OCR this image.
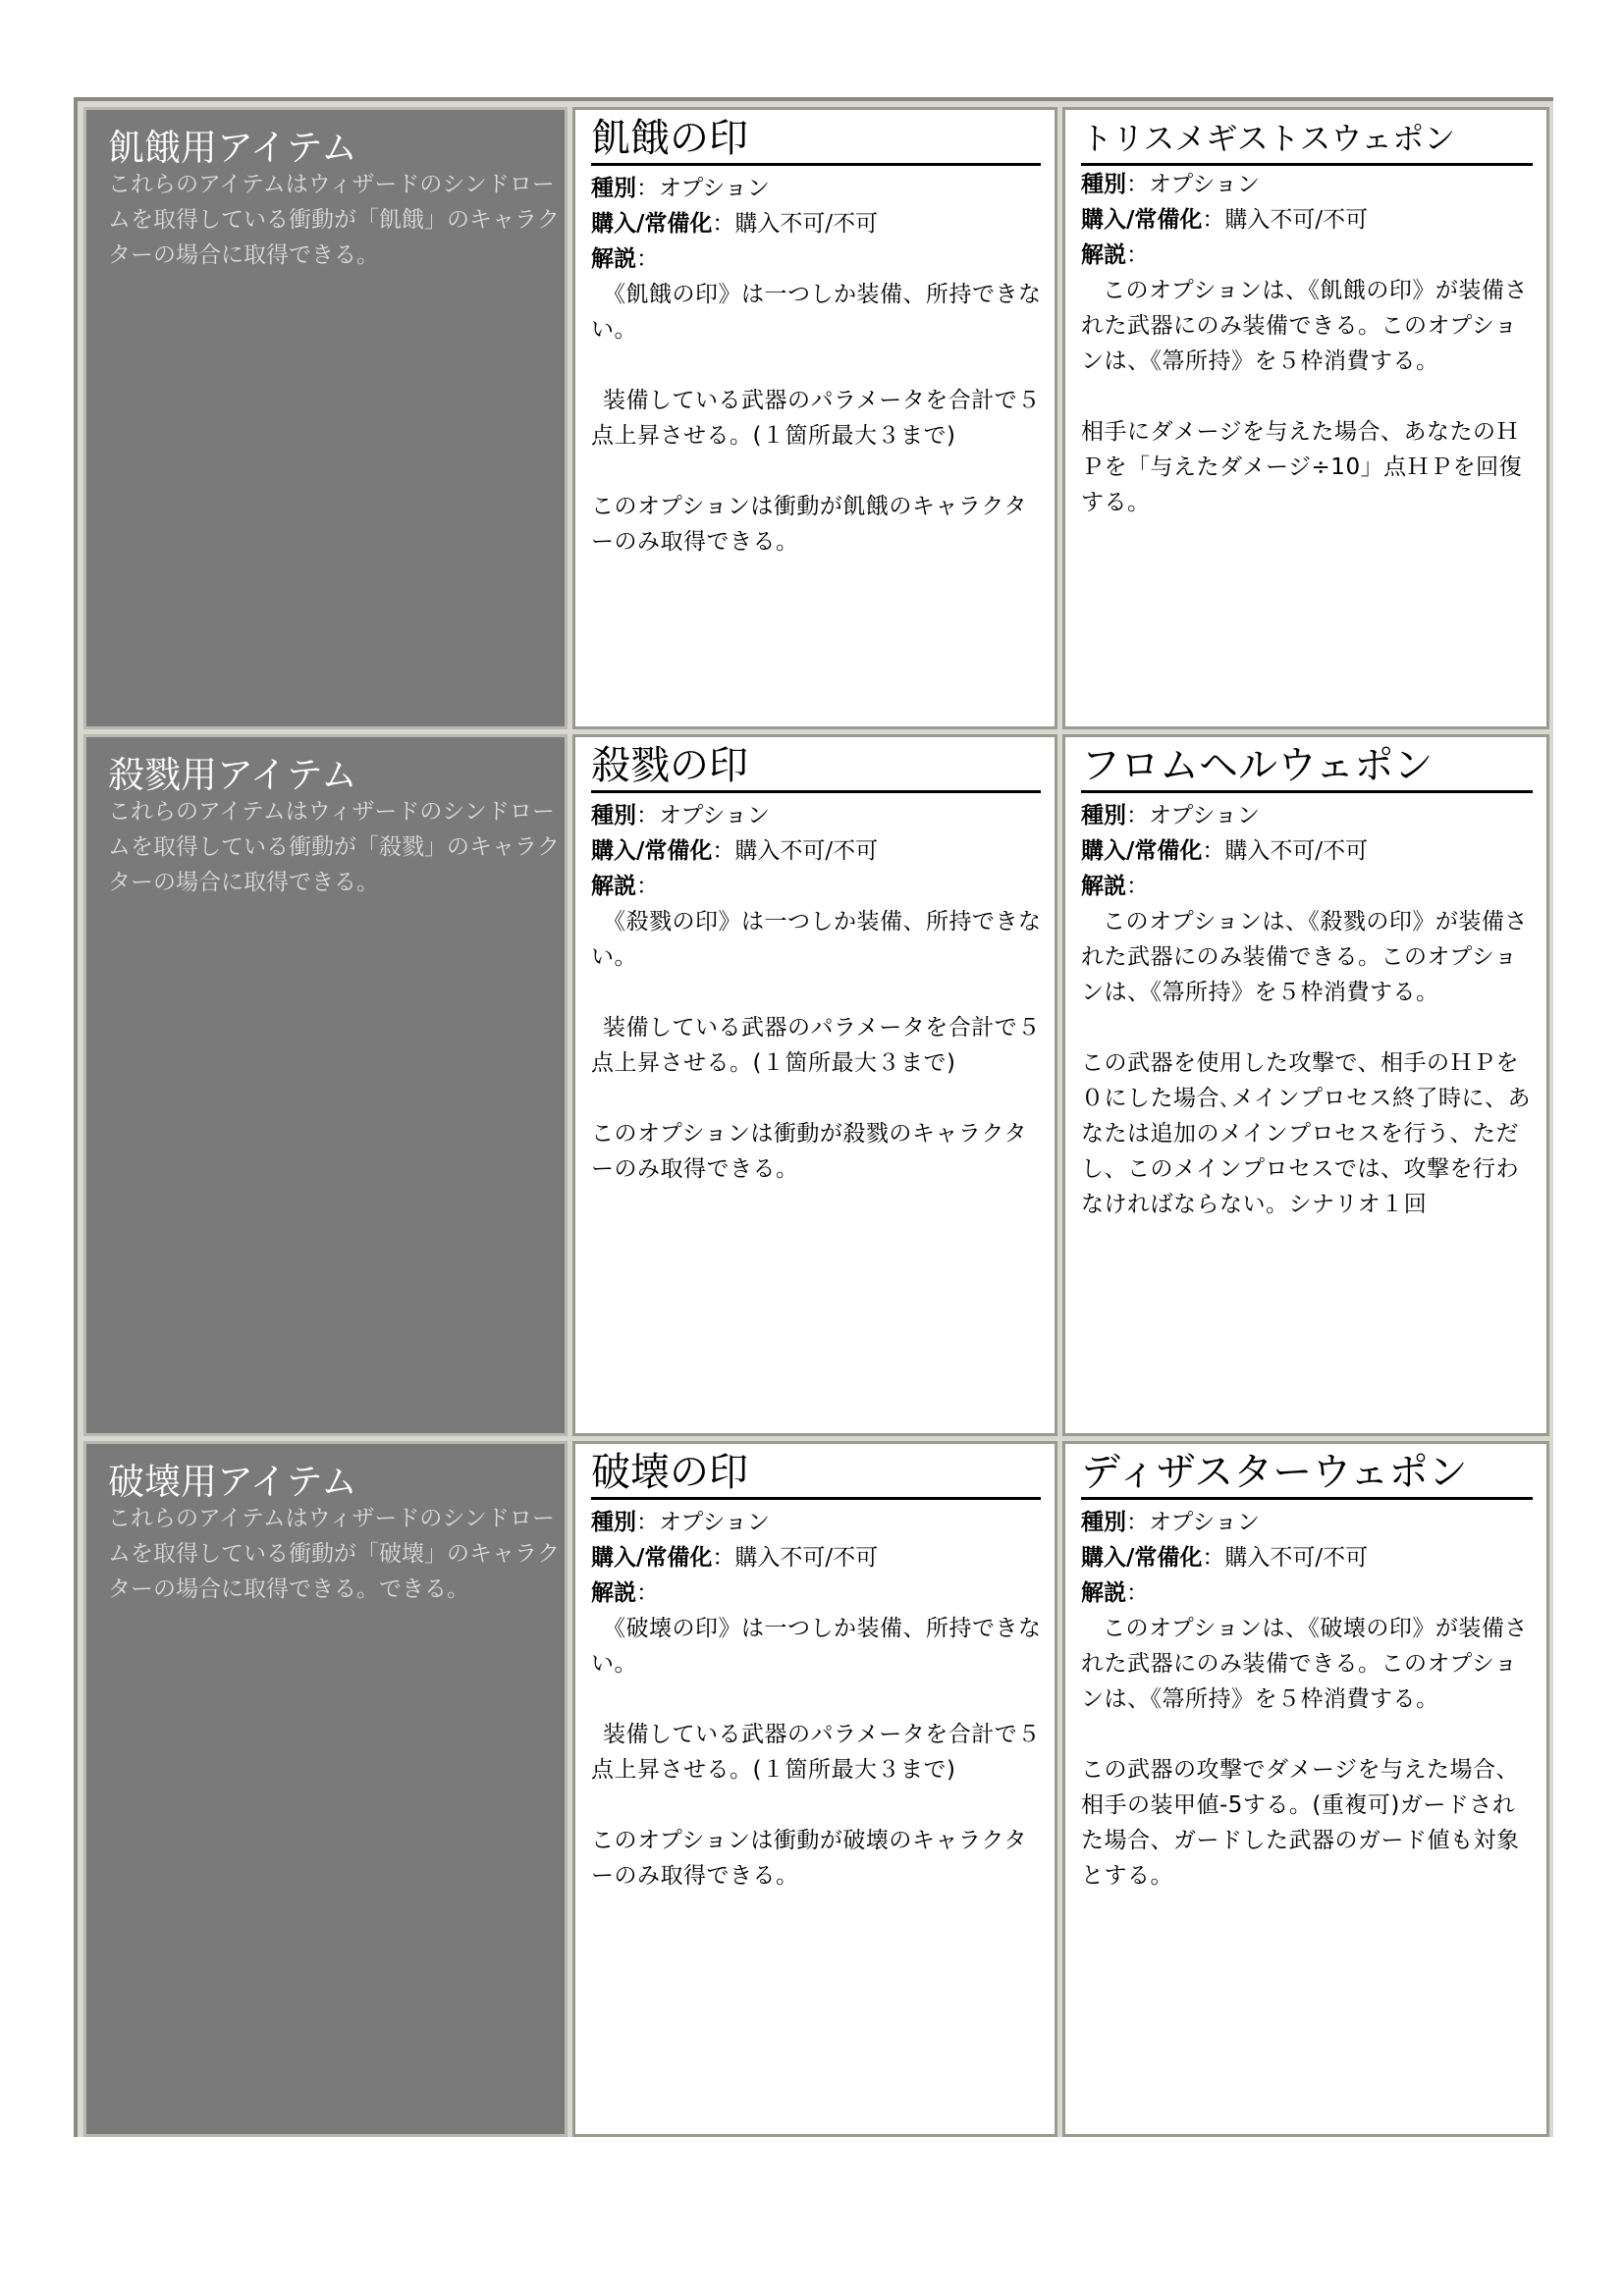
飢餓用アイテム
これらのアイテムはウィザードのシンドロームを取得している衝動が「飢餓」のキャラクターの場合に取得できる。
飢餓の印
種別：オプション
購入/常備化：購入不可/不可
解説：
《飢餓の印》は一つしか装備、所持できない。
装備している武器のパラメータを合計で５点上昇させる。(１箇所最大３まで)
このオプションは衝動が飢餓のキャラクターのみ取得できる。
トリスメギストスウェポン
種別：オプション
購入/常備化：購入不可/不可
解説：
このオプションは、《飢餓の印》が装備された武器にのみ装備できる。このオプションは、《箒所持》を５枠消費する。
相手にダメージを与えた場合、あなたのＨＰを「与えたダメージ÷10」点ＨＰを回復する。
殺戮用アイテム
これらのアイテムはウィザードのシンドロームを取得している衝動が「殺戮」のキャラクターの場合に取得できる。
殺戮の印
種別：オプション
購入/常備化：購入不可/不可
解説：
《殺戮の印》は一つしか装備、所持できない。
装備している武器のパラメータを合計で５点上昇させる。(１箇所最大３まで)
このオプションは衝動が殺戮のキャラクターのみ取得できる。
フロムヘルウェポン
種別：オプション
購入/常備化：購入不可/不可
解説：
このオプションは、《殺戮の印》が装備された武器にのみ装備できる。このオプションは、《箒所持》を５枠消費する。
この武器を使用した攻撃で、相手のＨＰを０にした場合､メインプロセス終了時に、あなたは追加のメインプロセスを行う、ただし、このメインプロセスでは、攻撃を行わなければならない。シナリオ１回
破壊用アイテム
これらのアイテムはウィザードのシンドロームを取得している衝動が「破壊」のキャラクターの場合に取得できる。できる。
破壊の印
種別：オプション
購入/常備化：購入不可/不可
解説：
《破壊の印》は一つしか装備、所持できない。
装備している武器のパラメータを合計で５点上昇させる。(１箇所最大３まで)
このオプションは衝動が破壊のキャラクターのみ取得できる。
ディザスターウェポン
種別：オプション
購入/常備化：購入不可/不可
解説：
このオプションは、《破壊の印》が装備された武器にのみ装備できる。このオプションは、《箒所持》を５枠消費する。
この武器の攻撃でダメージを与えた場合、相手の装甲値-5する。(重複可)ガードされた場合、ガードした武器のガード値も対象とする。
